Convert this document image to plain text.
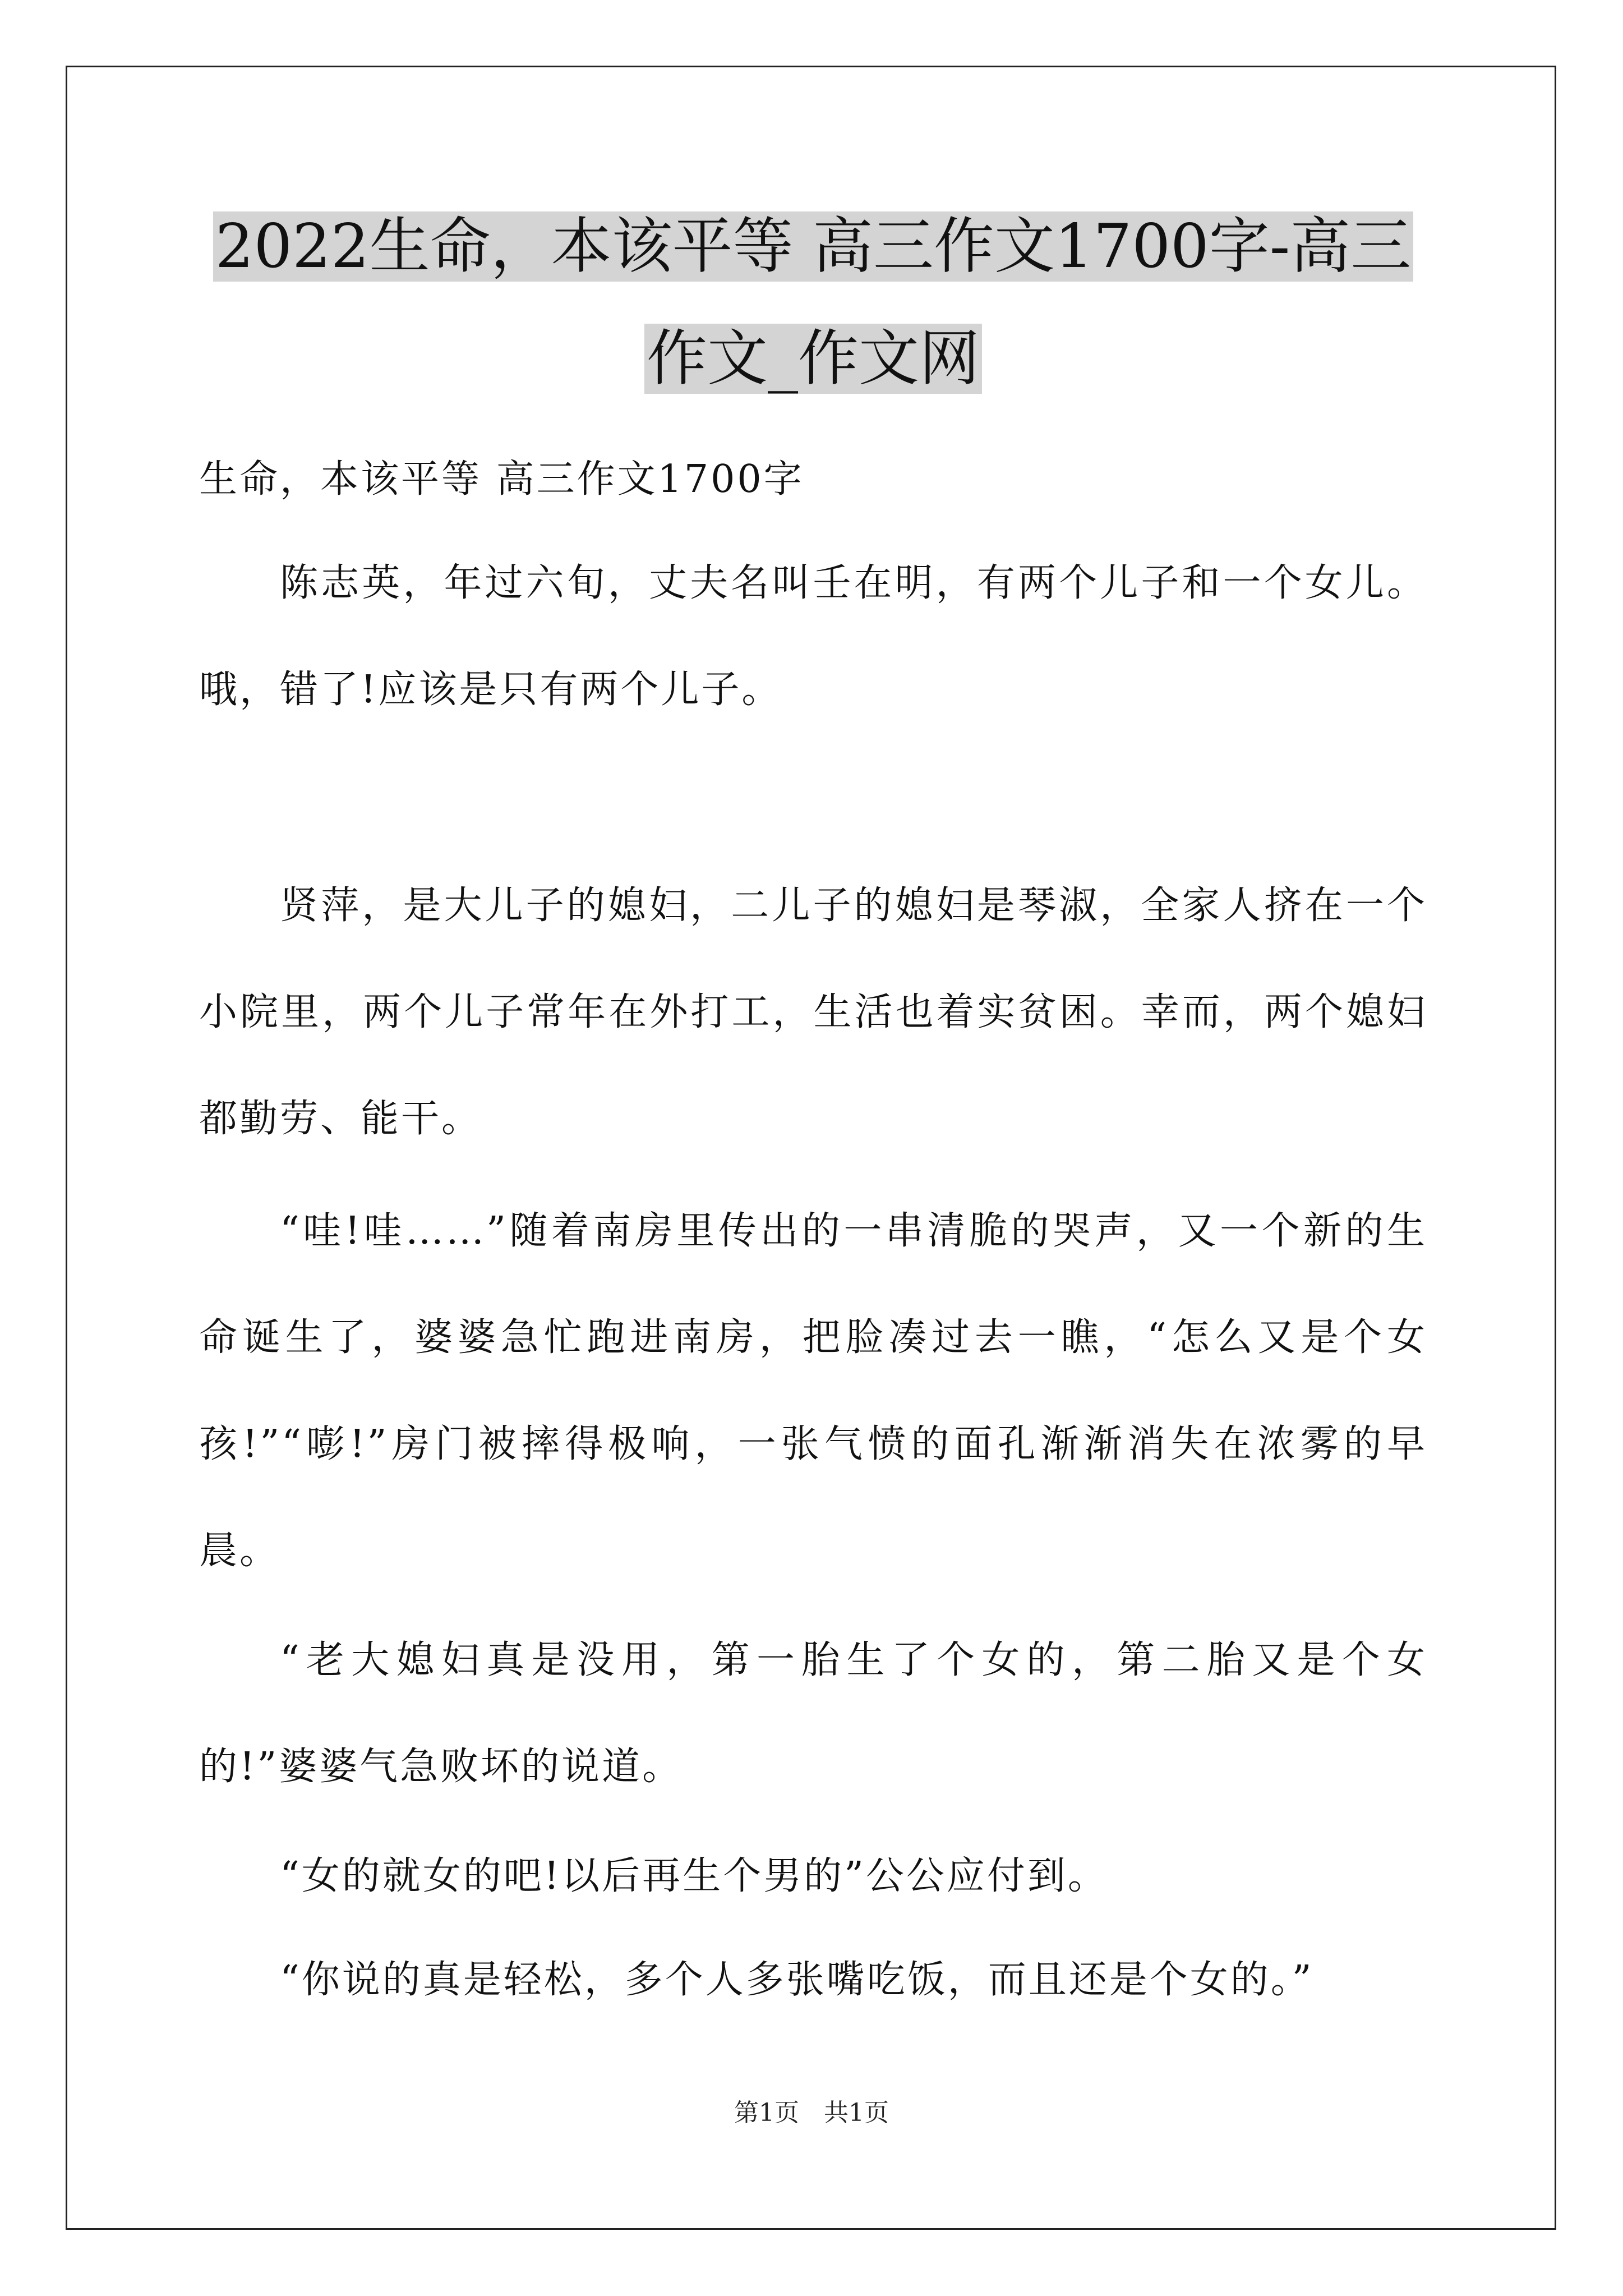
2022生命，本该平等 高三作文1700字-高三作文_作文网

生命，本该平等 高三作文1700字

陈志英，年过六旬，丈夫名叫壬在明，有两个儿子和一个女儿。哦，错了!应该是只有两个儿子。

贤萍，是大儿子的媳妇，二儿子的媳妇是琴淑，全家人挤在一个小院里，两个儿子常年在外打工，生活也着实贫困。幸而，两个媳妇都勤劳、能干。

“哇!哇……”随着南房里传出的一串清脆的哭声，又一个新的生命诞生了，婆婆急忙跑进南房，把脸凑过去一瞧，“怎么又是个女孩!”“嘭!”房门被摔得极响，一张气愤的面孔渐渐消失在浓雾的早晨。

“老大媳妇真是没用，第一胎生了个女的，第二胎又是个女的!”婆婆气急败坏的说道。

“女的就女的吧!以后再生个男的”公公应付到。

“你说的真是轻松，多个人多张嘴吃饭，而且还是个女的。”

第1页　共1页
